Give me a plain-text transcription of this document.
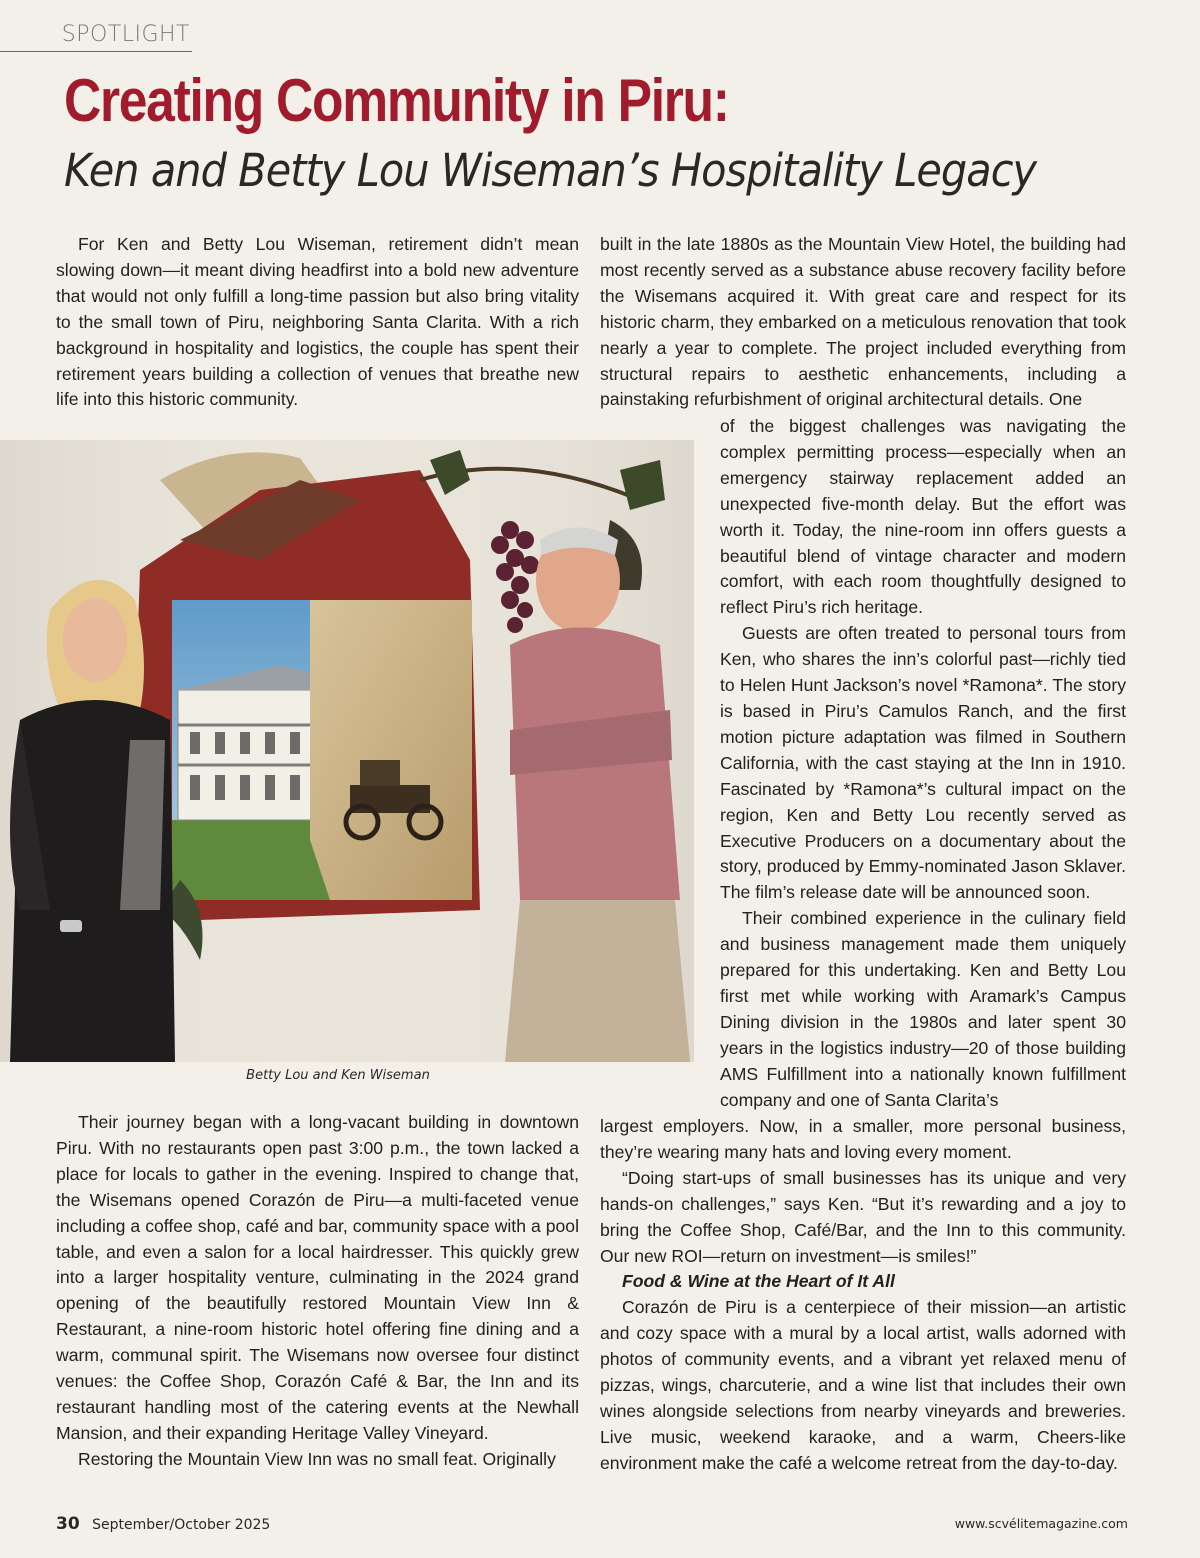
SPOTLIGHT
Creating Community in Piru:
Ken and Betty Lou Wiseman’s Hospitality Legacy

For Ken and Betty Lou Wiseman, retirement didn’t mean slowing down—it meant diving headfirst into a bold new adventure that would not only fulfill a long-time passion but also bring vitality to the small town of Piru, neighboring Santa Clarita. With a rich background in hospitality and logistics, the couple has spent their retirement years building a collection of venues that breathe new life into this historic community.

built in the late 1880s as the Mountain View Hotel, the building had most recently served as a substance abuse recovery facility before the Wisemans acquired it. With great care and respect for its historic charm, they embarked on a meticulous renovation that took nearly a year to complete. The project included everything from structural repairs to aesthetic enhancements, including a painstaking refurbishment of original architectural details. One

Betty Lou and Ken Wiseman

of the biggest challenges was navigating the complex permitting process—especially when an emergency stairway replacement added an unexpected five-month delay. But the effort was worth it. Today, the nine-room inn offers guests a beautiful blend of vintage character and modern comfort, with each room thoughtfully designed to reflect Piru’s rich heritage.

Guests are often treated to personal tours from Ken, who shares the inn’s colorful past—richly tied to Helen Hunt Jackson’s novel *Ramona*. The story is based in Piru’s Camulos Ranch, and the first motion picture adaptation was filmed in Southern California, with the cast staying at the Inn in 1910. Fascinated by *Ramona*’s cultural impact on the region, Ken and Betty Lou recently served as Executive Producers on a documentary about the story, produced by Emmy-nominated Jason Sklaver. The film’s release date will be announced soon.

Their combined experience in the culinary field and business management made them uniquely prepared for this undertaking. Ken and Betty Lou first met while working with Aramark’s Campus Dining division in the 1980s and later spent 30 years in the logistics industry—20 of those building AMS Fulfillment into a nationally known fulfillment company and one of Santa Clarita’s

Their journey began with a long-vacant building in downtown Piru. With no restaurants open past 3:00 p.m., the town lacked a place for locals to gather in the evening. Inspired to change that, the Wisemans opened Corazón de Piru—a multi-faceted venue including a coffee shop, café and bar, community space with a pool table, and even a salon for a local hairdresser. This quickly grew into a larger hospitality venture, culminating in the 2024 grand opening of the beautifully restored Mountain View Inn & Restaurant, a nine-room historic hotel offering fine dining and a warm, communal spirit. The Wisemans now oversee four distinct venues: the Coffee Shop, Corazón Café & Bar, the Inn and its restaurant handling most of the catering events at the Newhall Mansion, and their expanding Heritage Valley Vineyard.

Restoring the Mountain View Inn was no small feat. Originally

largest employers. Now, in a smaller, more personal business, they’re wearing many hats and loving every moment.

“Doing start-ups of small businesses has its unique and very hands-on challenges,” says Ken. “But it’s rewarding and a joy to bring the Coffee Shop, Café/Bar, and the Inn to this community. Our new ROI—return on investment—is smiles!”

Food & Wine at the Heart of It All

Corazón de Piru is a centerpiece of their mission—an artistic and cozy space with a mural by a local artist, walls adorned with photos of community events, and a vibrant yet relaxed menu of pizzas, wings, charcuterie, and a wine list that includes their own wines alongside selections from nearby vineyards and breweries. Live music, weekend karaoke, and a warm, Cheers-like environment make the café a welcome retreat from the day-to-day.

30 September/October 2025	www.scvélitemagazine.com
